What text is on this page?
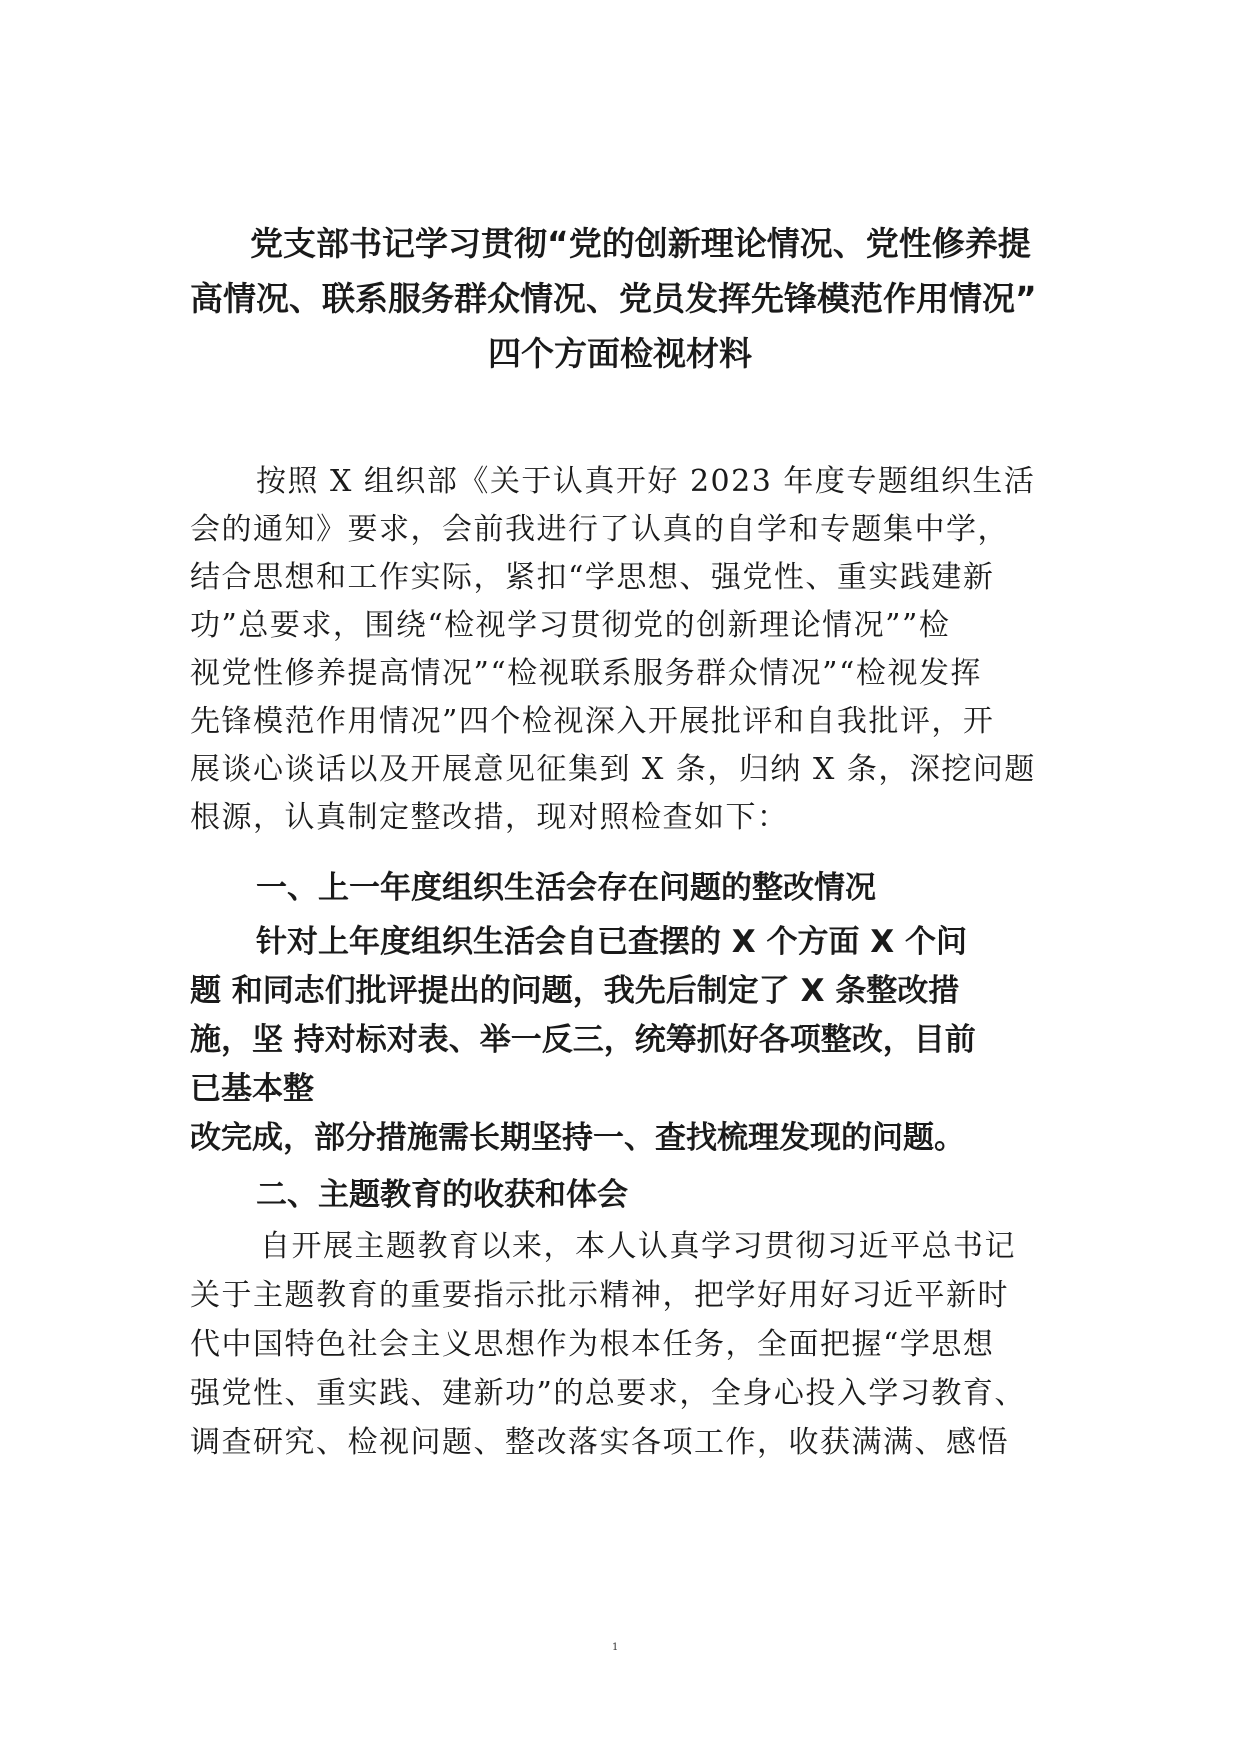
党支部书记学习贯彻“党的创新理论情况、党性修养提
高情况、联系服务群众情况、党员发挥先锋模范作用情况”
四个方面检视材料

按照 X 组织部《关于认真开好 2023 年度专题组织生活
会的通知》要求，会前我进行了认真的自学和专题集中学，
结合思想和工作实际，紧扣“学思想、强党性、重实践建新
功”总要求，围绕“检视学习贯彻党的创新理论情况””检
视党性修养提高情况”“检视联系服务群众情况”“检视发挥
先锋模范作用情况”四个检视深入开展批评和自我批评，开
展谈心谈话以及开展意见征集到 X 条，归纳 X 条，深挖问题
根源，认真制定整改措，现对照检查如下：

一、上一年度组织生活会存在问题的整改情况

针对上年度组织生活会自已查摆的 X 个方面 X 个问
题 和同志们批评提出的问题，我先后制定了 X 条整改措
施，坚 持对标对表、举一反三，统筹抓好各项整改，目前
已基本整
改完成，部分措施需长期坚持一、查找梳理发现的问题。

二、主题教育的收获和体会

自开展主题教育以来，本人认真学习贯彻习近平总书记
关于主题教育的重要指示批示精神，把学好用好习近平新时
代中国特色社会主义思想作为根本任务，全面把握“学思想
强党性、重实践、建新功”的总要求，全身心投入学习教育、
调查研究、检视问题、整改落实各项工作，收获满满、感悟

1
